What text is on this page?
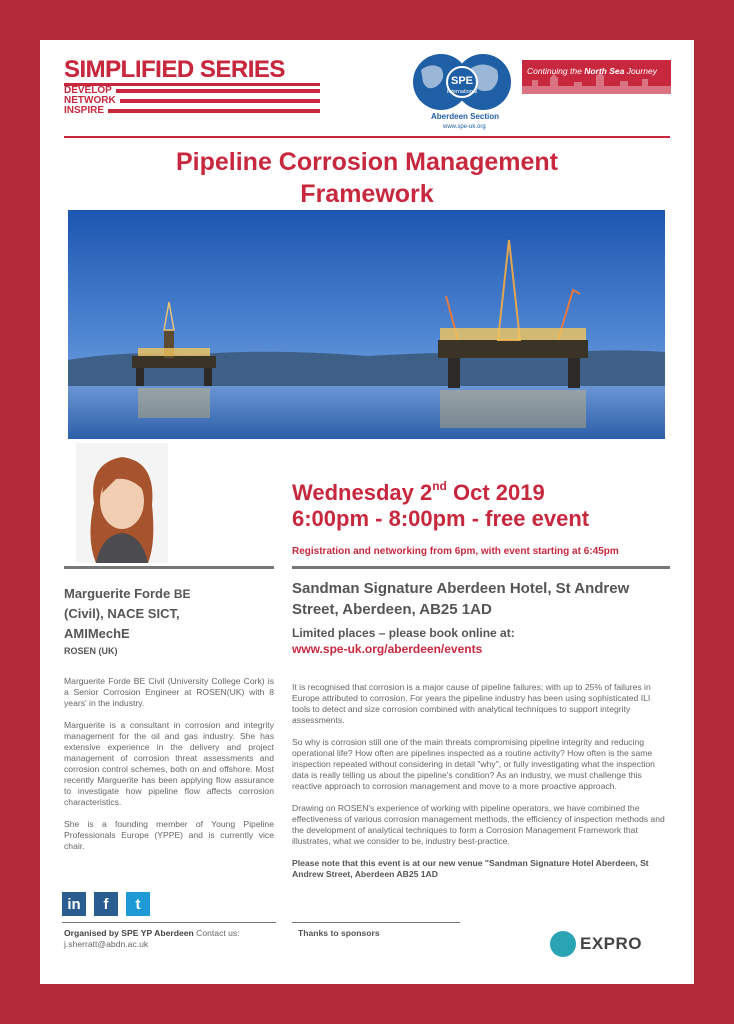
SIMPLIFIED SERIES
DEVELOP
NETWORK
INSPIRE
Continuing the North Sea Journey
SPE
International
Aberdeen Section
www.spe-uk.org
Pipeline Corrosion Management
Framework
Wednesday 2nd Oct 2019
6:00pm - 8:00pm - free event
Registration and networking from 6pm, with event starting at 6:45pm
Sandman Signature Aberdeen Hotel, St Andrew Street, Aberdeen, AB25 1AD
Limited places – please book online at:
www.spe-uk.org/aberdeen/events
Marguerite Forde BE
(Civil), NACE SICT,
AMIMechE
ROSEN (UK)

Marguerite Forde BE Civil (University College Cork) is a Senior Corrosion Engineer at ROSEN(UK) with 8 years' in the industry.

Marguerite is a consultant in corrosion and integrity management for the oil and gas industry. She has extensive experience in the delivery and project management of corrosion threat assessments and corrosion control schemes, both on and offshore. Most recently Marguerite has been applying flow assurance to investigate how pipeline flow affects corrosion characteristics.

She is a founding member of Young Pipeline Professionals Europe (YPPE) and is currently vice chair.

It is recognised that corrosion is a major cause of pipeline failures; with up to 25% of failures in Europe attributed to corrosion. For years the pipeline industry has been using sophisticated ILI tools to detect and size corrosion combined with analytical techniques to support integrity assessments.

So why is corrosion still one of the main threats compromising pipeline integrity and reducing operational life? How often are pipelines inspected as a routine activity? How often is the same inspection repeated without considering in detail "why", or fully investigating what the inspection data is really telling us about the pipeline's condition? As an industry, we must challenge this reactive approach to corrosion management and move to a more proactive approach.

Drawing on ROSEN's experience of working with pipeline operators, we have combined the effectiveness of various corrosion management methods, the efficiency of inspection methods and the development of analytical techniques to form a Corrosion Management Framework that illustrates, what we consider to be, industry best-practice.

Please note that this event is at our new venue "Sandman Signature Hotel Aberdeen, St Andrew Street, Aberdeen AB25 1AD

in	f	t
Organised by SPE YP Aberdeen Contact us: j.sherratt@abdn.ac.uk
Thanks to sponsors
EXPRO
